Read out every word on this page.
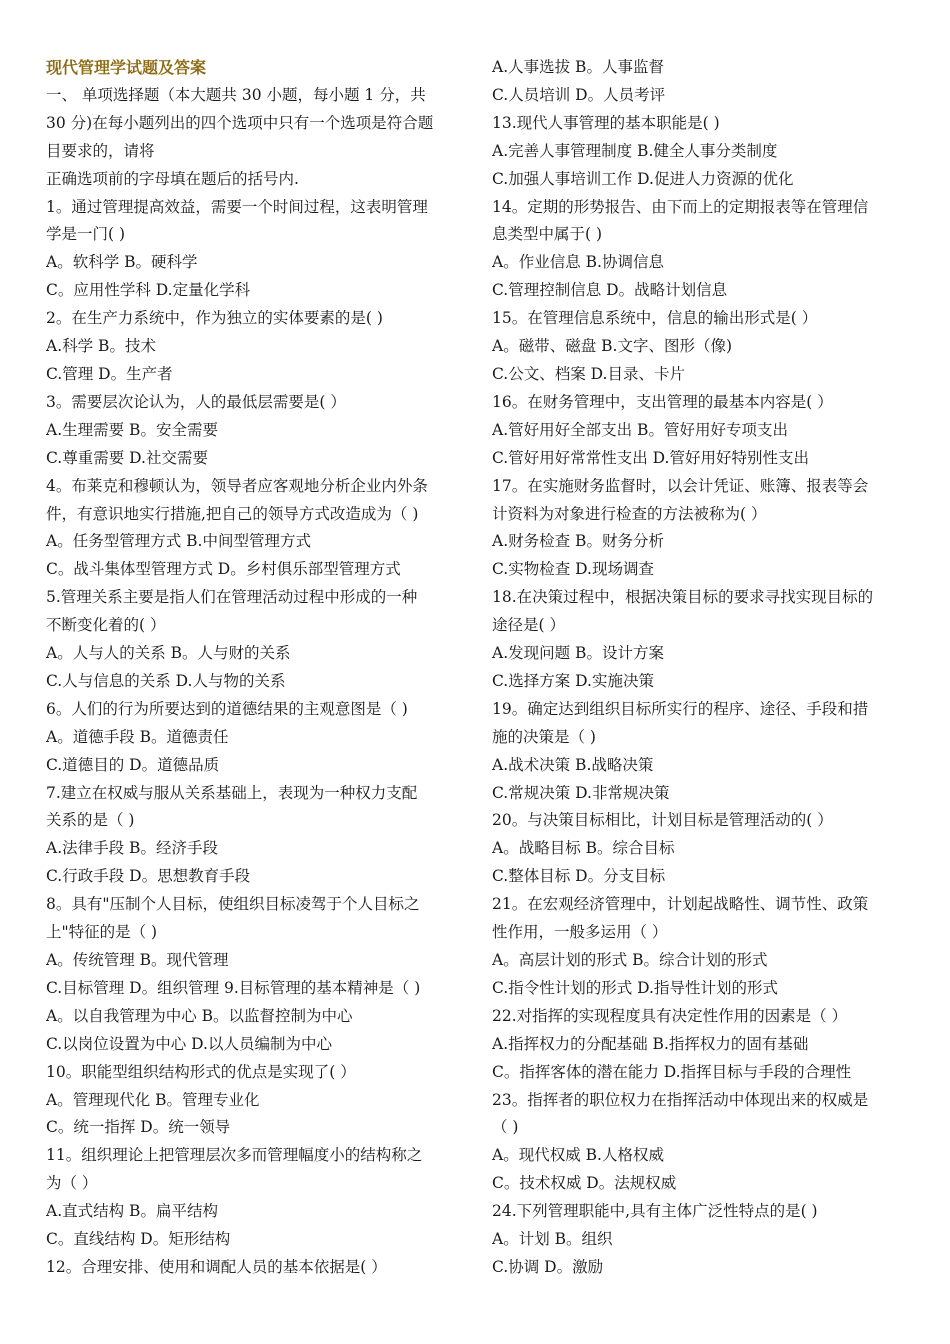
现代管理学试题及答案
一、 单项选择题（本大题共 30 小题，每小题 1 分，共
30 分)在每小题列出的四个选项中只有一个选项是符合题
目要求的，请将
正确选项前的字母填在题后的括号内.
1。通过管理提高效益，需要一个时间过程，这表明管理
学是一门( )
A。软科学 B。硬科学
C。应用性学科 D.定量化学科
2。在生产力系统中，作为独立的实体要素的是( )
A.科学 B。技术
C.管理 D。生产者
3。需要层次论认为，人的最低层需要是( ）
A.生理需要 B。安全需要
C.尊重需要 D.社交需要
4。布莱克和穆顿认为，领导者应客观地分析企业内外条
件，有意识地实行措施,把自己的领导方式改造成为（ )
A。任务型管理方式 B.中间型管理方式
C。战斗集体型管理方式 D。乡村俱乐部型管理方式
5.管理关系主要是指人们在管理活动过程中形成的一种
不断变化着的( ）
A。人与人的关系 B。人与财的关系
C.人与信息的关系 D.人与物的关系
6。人们的行为所要达到的道德结果的主观意图是（ )
A。道德手段 B。道德责任
C.道德目的 D。道德品质
7.建立在权威与服从关系基础上，表现为一种权力支配
关系的是（ )
A.法律手段 B。经济手段
C.行政手段 D。思想教育手段
8。具有"压制个人目标，使组织目标凌驾于个人目标之
上"特征的是（ )
A。传统管理 B。现代管理
C.目标管理 D。组织管理 9.目标管理的基本精神是（ )
A。以自我管理为中心 B。以监督控制为中心
C.以岗位设置为中心 D.以人员编制为中心
10。职能型组织结构形式的优点是实现了( ）
A。管理现代化 B。管理专业化
C。统一指挥 D。统一领导
11。组织理论上把管理层次多而管理幅度小的结构称之
为（ ）
A.直式结构 B。扁平结构
C。直线结构 D。矩形结构
12。合理安排、使用和调配人员的基本依据是( ）
A.人事选拔 B。人事监督
C.人员培训 D。人员考评
13.现代人事管理的基本职能是( )
A.完善人事管理制度 B.健全人事分类制度
C.加强人事培训工作 D.促进人力资源的优化
14。定期的形势报告、由下而上的定期报表等在管理信
息类型中属于( )
A。作业信息 B.协调信息
C.管理控制信息 D。战略计划信息
15。在管理信息系统中，信息的输出形式是( ）
A。磁带、磁盘 B.文字、图形（像)
C.公文、档案 D.目录、卡片
16。在财务管理中，支出管理的最基本内容是( ）
A.管好用好全部支出 B。管好用好专项支出
C.管好用好常常性支出 D.管好用好特别性支出
17。在实施财务监督时，以会计凭证、账簿、报表等会
计资料为对象进行检查的方法被称为( ）
A.财务检查 B。财务分析
C.实物检查 D.现场调查
18.在决策过程中，根据决策目标的要求寻找实现目标的
途径是( ）
A.发现问题 B。设计方案
C.选择方案 D.实施决策
19。确定达到组织目标所实行的程序、途径、手段和措
施的决策是（ )
A.战术决策 B.战略决策
C.常规决策 D.非常规决策
20。与决策目标相比，计划目标是管理活动的( ）
A。战略目标 B。综合目标
C.整体目标 D。分支目标
21。在宏观经济管理中，计划起战略性、调节性、政策
性作用，一般多运用（ ）
A。高层计划的形式 B。综合计划的形式
C.指令性计划的形式 D.指导性计划的形式
22.对指挥的实现程度具有决定性作用的因素是（ ）
A.指挥权力的分配基础 B.指挥权力的固有基础
C。指挥客体的潜在能力 D.指挥目标与手段的合理性
23。指挥者的职位权力在指挥活动中体现出来的权威是
（ )
A。现代权威 B.人格权威
C。技术权威 D。法规权威
24.下列管理职能中,具有主体广泛性特点的是( )
A。计划 B。组织
C.协调 D。激励
